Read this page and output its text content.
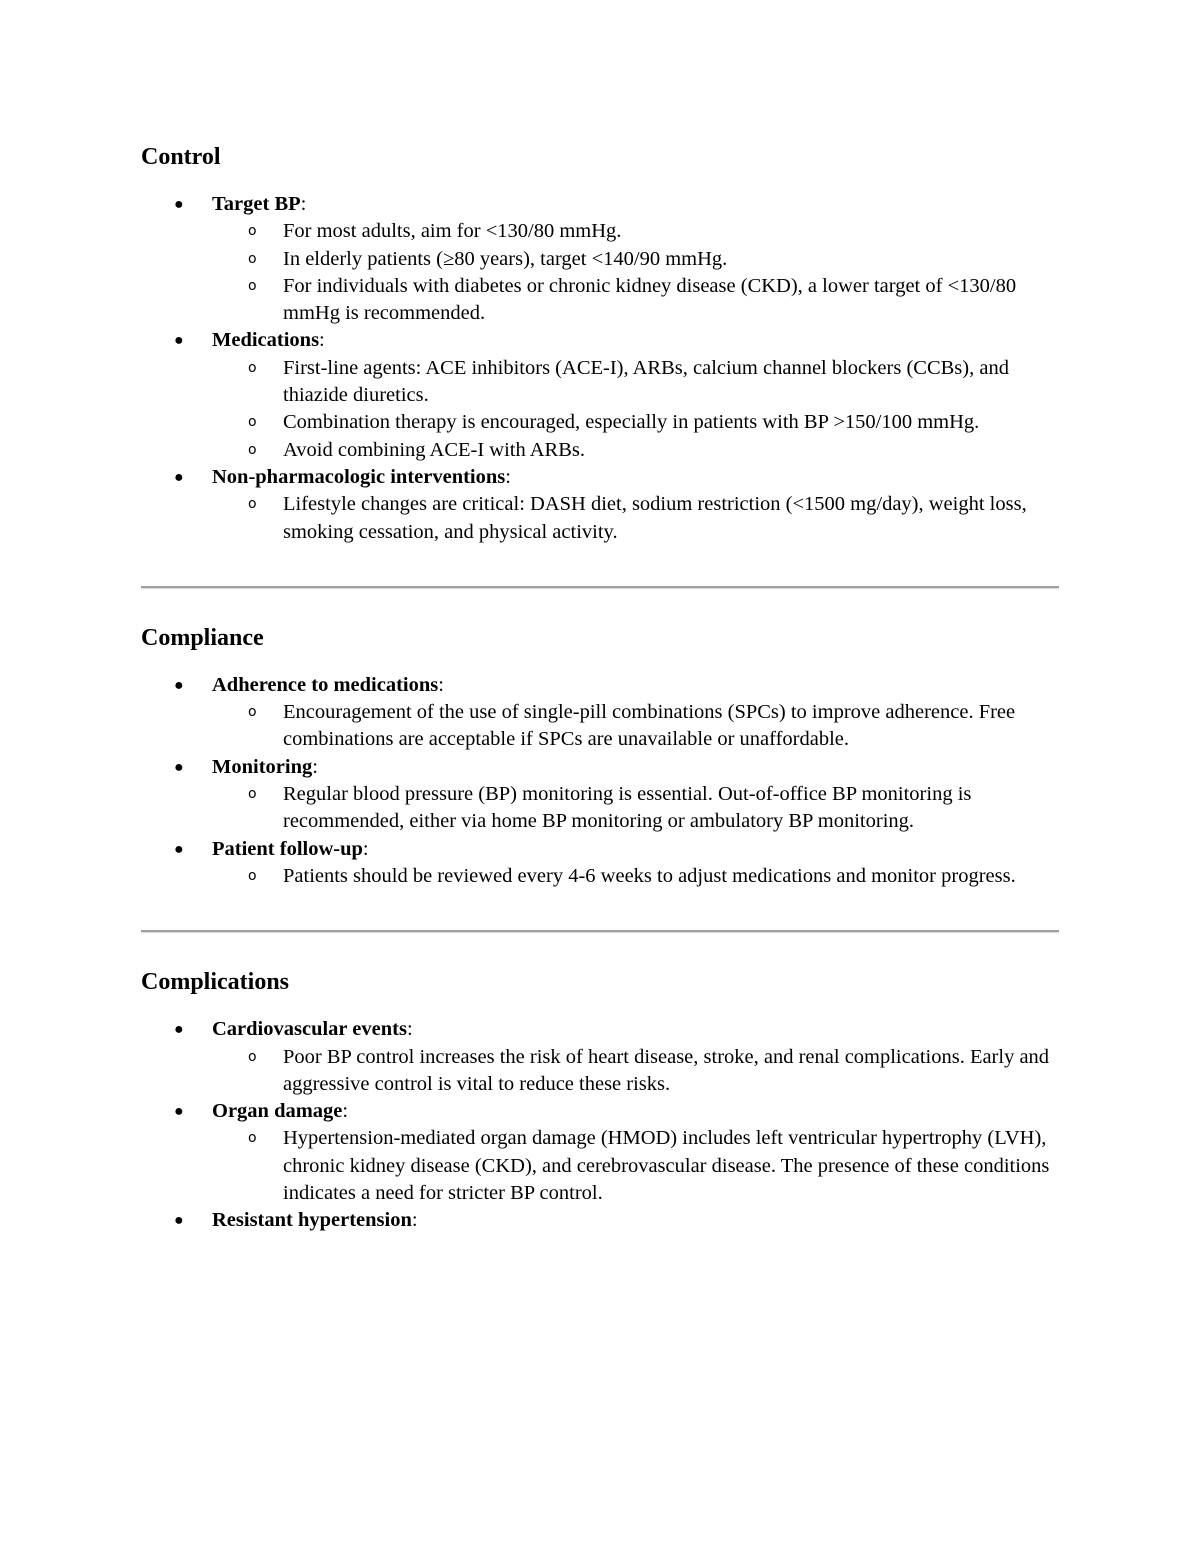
Control
● Target BP:
o For most adults, aim for <130/80 mmHg.
o In elderly patients (≥80 years), target <140/90 mmHg.
o For individuals with diabetes or chronic kidney disease (CKD), a lower target of <130/80 mmHg is recommended.
● Medications:
o First-line agents: ACE inhibitors (ACE-I), ARBs, calcium channel blockers (CCBs), and thiazide diuretics.
o Combination therapy is encouraged, especially in patients with BP >150/100 mmHg.
o Avoid combining ACE-I with ARBs.
● Non-pharmacologic interventions:
o Lifestyle changes are critical: DASH diet, sodium restriction (<1500 mg/day), weight loss, smoking cessation, and physical activity.
Compliance
● Adherence to medications:
o Encouragement of the use of single-pill combinations (SPCs) to improve adherence. Free combinations are acceptable if SPCs are unavailable or unaffordable.
● Monitoring:
o Regular blood pressure (BP) monitoring is essential. Out-of-office BP monitoring is recommended, either via home BP monitoring or ambulatory BP monitoring.
● Patient follow-up:
o Patients should be reviewed every 4-6 weeks to adjust medications and monitor progress.
Complications
● Cardiovascular events:
o Poor BP control increases the risk of heart disease, stroke, and renal complications. Early and aggressive control is vital to reduce these risks.
● Organ damage:
o Hypertension-mediated organ damage (HMOD) includes left ventricular hypertrophy (LVH), chronic kidney disease (CKD), and cerebrovascular disease. The presence of these conditions indicates a need for stricter BP control.
● Resistant hypertension:
